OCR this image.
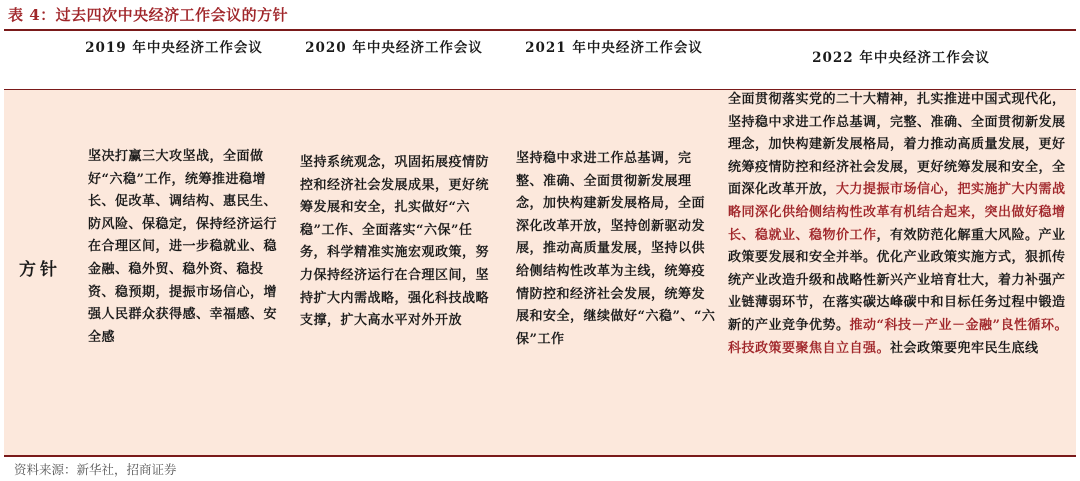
表 4：过去四次中央经济工作会议的方针
2019 年中央经济工作会议	2020 年中央经济工作会议	2021 年中央经济工作会议
2022 年中央经济工作会议
方针
坚决打赢三大攻坚战，全面做好“六稳”工作，统筹推进稳增长、促改革、调结构、惠民生、防风险、保稳定，保持经济运行在合理区间，进一步稳就业、稳金融、稳外贸、稳外资、稳投资、稳预期，提振市场信心，增强人民群众获得感、幸福感、安全感
坚持系统观念，巩固拓展疫情防控和经济社会发展成果，更好统筹发展和安全，扎实做好“六稳”工作、全面落实“六保”任务，科学精准实施宏观政策，努力保持经济运行在合理区间，坚持扩大内需战略，强化科技战略支撑，扩大高水平对外开放
坚持稳中求进工作总基调，完整、准确、全面贯彻新发展理念，加快构建新发展格局，全面深化改革开放，坚持创新驱动发展，推动高质量发展，坚持以供给侧结构性改革为主线，统筹疫情防控和经济社会发展，统筹发展和安全，继续做好“六稳”、“六保”工作
全面贯彻落实党的二十大精神，扎实推进中国式现代化，坚持稳中求进工作总基调，完整、准确、全面贯彻新发展理念，加快构建新发展格局，着力推动高质量发展，更好统筹疫情防控和经济社会发展，更好统筹发展和安全，全面深化改革开放，大力提振市场信心，把实施扩大内需战略同深化供给侧结构性改革有机结合起来，突出做好稳增长、稳就业、稳物价工作，有效防范化解重大风险。产业政策要发展和安全并举。优化产业政策实施方式，狠抓传统产业改造升级和战略性新兴产业培育壮大，着力补强产业链薄弱环节，在落实碳达峰碳中和目标任务过程中锻造新的产业竞争优势。推动“科技－产业－金融”良性循环。科技政策要聚焦自立自强。社会政策要兜牢民生底线
资料来源：新华社，招商证券
